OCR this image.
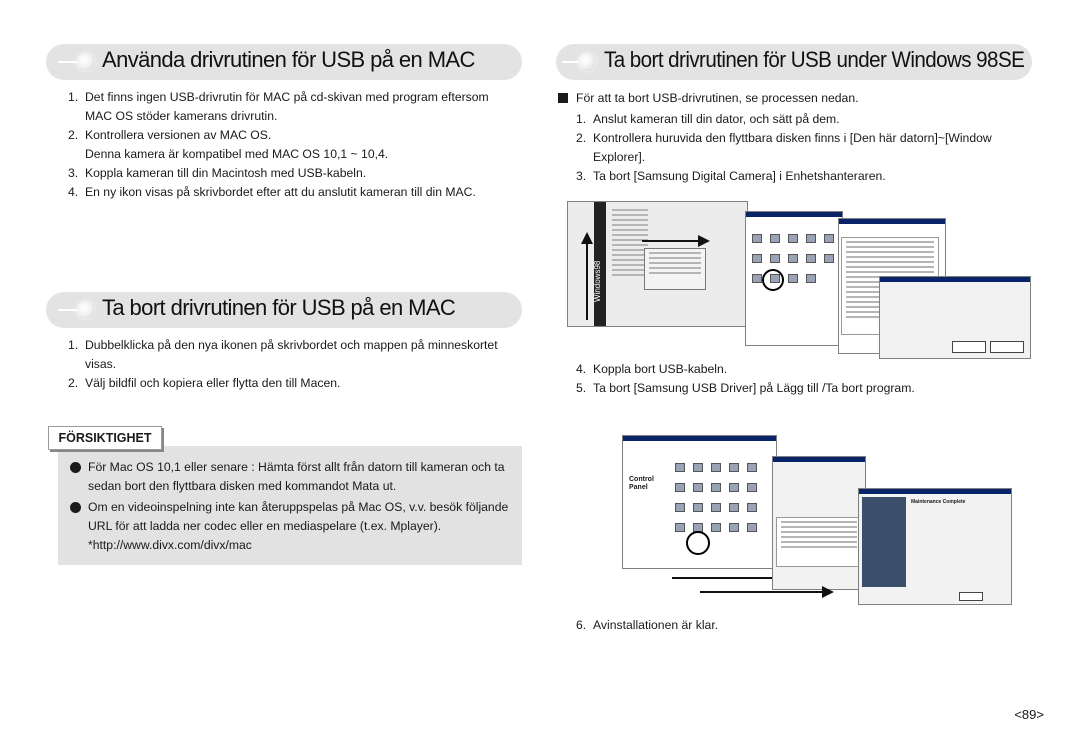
Använda drivrutinen för USB på en MAC
1. Det finns ingen USB-drivrutin för MAC på cd-skivan med program eftersom MAC OS stöder kamerans drivrutin.
2. Kontrollera versionen av MAC OS.
Denna kamera är kompatibel med MAC OS 10,1 ~ 10,4.
3. Koppla kameran till din Macintosh med USB-kabeln.
4. En ny ikon visas på skrivbordet efter att du anslutit kameran till din MAC.
Ta bort drivrutinen för USB på en MAC
1. Dubbelklicka på den nya ikonen på skrivbordet och mappen på minneskortet visas.
2. Välj bildfil och kopiera eller flytta den till Macen.
För Mac OS 10,1 eller senare : Hämta först allt från datorn till kameran och ta sedan bort den flyttbara disken med kommandot Mata ut.
Om en videoinspelning inte kan återuppspelas på Mac OS, v.v. besök följande URL för att ladda ner codec eller en mediaspelare (t.ex. Mplayer). *http://www.divx.com/divx/mac
FÖRSIKTIGHET
Ta bort drivrutinen för USB under Windows 98SE
För att ta bort USB-drivrutinen, se processen nedan.
1. Anslut kameran till din dator, och sätt på dem.
2. Kontrollera huruvida den flyttbara disken finns i [Den här datorn]~[Window Explorer].
3. Ta bort [Samsung Digital Camera] i Enhetshanteraren.
Windows98
4. Koppla bort USB-kabeln.
5. Ta bort [Samsung USB Driver] på Lägg till /Ta bort program.
Control Panel
Maintenance Complete
6. Avinstallationen är klar.
<89>
